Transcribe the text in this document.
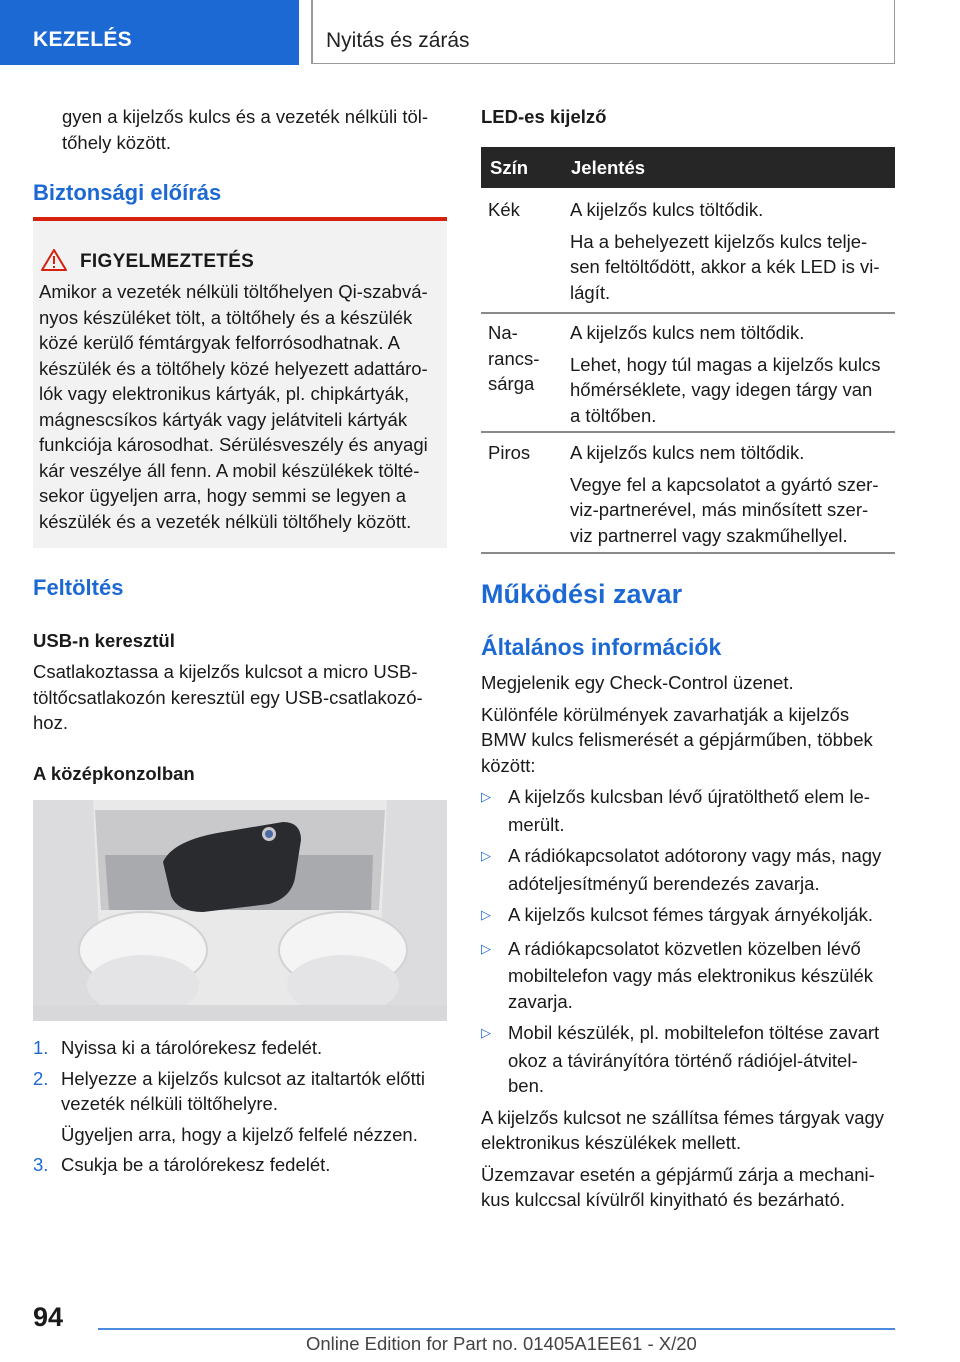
KEZELÉS	Nyitás és zárás

gyen a kijelzős kulcs és a vezeték nélküli töl-

tőhely között.

Biztonsági előírás
FIGYELMEZTETÉS

Amikor a vezeték nélküli töltőhelyen Qi-szabvá-

nyos készüléket tölt, a töltőhely és a készülék

közé kerülő fémtárgyak felforrósodhatnak. A

készülék és a töltőhely közé helyezett adattáro-

lók vagy elektronikus kártyák, pl. chipkártyák,

mágnescsíkos kártyák vagy jelátviteli kártyák

funkciója károsodhat. Sérülésveszély és anyagi

kár veszélye áll fenn. A mobil készülékek tölté-

sekor ügyeljen arra, hogy semmi se legyen a

készülék és a vezeték nélküli töltőhely között.

Feltöltés
USB-n keresztül

Csatlakoztassa a kijelzős kulcsot a micro USB-

töltőcsatlakozón keresztül egy USB-csatlakozó-

hoz.

A középkonzolban

1. Nyissa ki a tárolórekesz fedelét.

2. Helyezze a kijelzős kulcsot az italtartók előtti

vezeték nélküli töltőhelyre.

Ügyeljen arra, hogy a kijelző felfelé nézzen.

3. Csukja be a tárolórekesz fedelét.

LED-es kijelző
Szín Jelentés

Kék	A kijelzős kulcs töltődik.

Ha a behelyezett kijelzős kulcs telje-

sen feltöltődött, akkor a kék LED is vi-

lágít.

Na-

rancs-

sárga

A kijelzős kulcs nem töltődik.

Lehet, hogy túl magas a kijelzős kulcs

hőmérséklete, vagy idegen tárgy van

a töltőben.

Piros A kijelzős kulcs nem töltődik.

Vegye fel a kapcsolatot a gyártó szer-

viz-partnerével, más minősített szer-

viz partnerrel vagy szakműhellyel.

Működési zavar
Általános információk

Megjelenik egy Check-Control üzenet.

Különféle körülmények zavarhatják a kijelzős

BMW kulcs felismerését a gépjárműben, többek

között:

▷ A kijelzős kulcsban lévő újratölthető elem le-

merült.

▷ A rádiókapcsolatot adótorony vagy más, nagy

adóteljesítményű berendezés zavarja.

▷ A kijelzős kulcsot fémes tárgyak árnyékolják.

▷ A rádiókapcsolatot közvetlen közelben lévő

mobiltelefon vagy más elektronikus készülék

zavarja.

▷ Mobil készülék, pl. mobiltelefon töltése zavart

okoz a távirányítóra történő rádiójel-átvitel-

ben.

A kijelzős kulcsot ne szállítsa fémes tárgyak vagy

elektronikus készülékek mellett.

Üzemzavar esetén a gépjármű zárja a mechani-

kus kulccsal kívülről kinyitható és bezárható.

94
Online Edition for Part no. 01405A1EE61 - X/20
